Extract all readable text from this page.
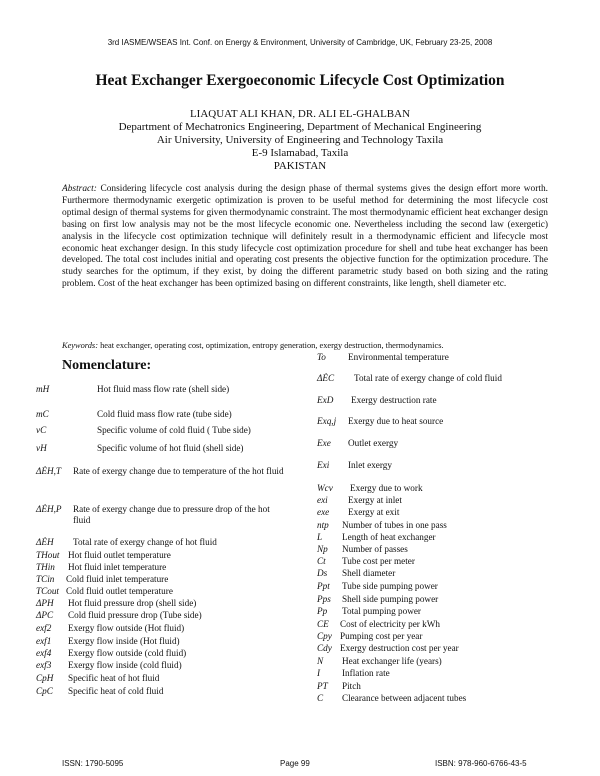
3rd IASME/WSEAS Int. Conf. on Energy & Environment, University of Cambridge, UK, February 23-25, 2008
Heat Exchanger Exergoeconomic Lifecycle Cost Optimization
LIAQUAT ALI KHAN, DR. ALI EL-GHALBAN
Department of Mechatronics Engineering, Department of Mechanical Engineering
Air University, University of Engineering and Technology Taxila
E-9 Islamabad, Taxila
PAKISTAN
Abstract: Considering lifecycle cost analysis during the design phase of thermal systems gives the design effort more worth. Furthermore thermodynamic exergetic optimization is proven to be useful method for determining the most lifecycle cost optimal design of thermal systems for given thermodynamic constraint. The most thermodynamic efficient heat exchanger design basing on first low analysis may not be the most lifecycle economic one. Nevertheless including the second law (exergetic) analysis in the lifecycle cost optimization technique will definitely result in a thermodynamic efficient and lifecycle most economic heat exchanger design. In this study lifecycle cost optimization procedure for shell and tube heat exchanger has been developed. The total cost includes initial and operating cost presents the objective function for the optimization procedure. The study searches for the optimum, if they exist, by doing the different parametric study based on both sizing and the rating problem. Cost of the heat exchanger has been optimized basing on different constraints, like length, shell diameter etc.
Keywords: heat exchanger, operating cost, optimization, entropy generation, exergy destruction, thermodynamics.
Nomenclature:
mH	Hot fluid mass flow rate (shell side)
mC	Cold fluid mass flow rate (tube side)
vC	Specific volume of cold fluid ( Tube side)
vH	Specific volume of hot fluid (shell side)
ΔĖH,T	Rate of exergy change due to temperature of the hot fluid
ΔĖH,P	Rate of exergy change due to pressure drop of the hot fluid
ΔĖH	Total rate of exergy change of hot fluid
THout Hot fluid outlet temperature
THin	Hot fluid inlet temperature
TCin	Cold fluid inlet temperature
TCout Cold fluid outlet temperature
ΔPH	Hot fluid pressure drop (shell side)
ΔPC	Cold fluid pressure drop (Tube side)
exf2	Exergy flow outside (Hot fluid)
exf1	Exergy flow inside (Hot fluid)
exf4	Exergy flow outside (cold fluid)
exf3	Exergy flow inside (cold fluid)
CpH	Specific heat of hot fluid
CpC	Specific heat of cold fluid
To	Environmental temperature
ΔĖC	Total rate of exergy change of cold fluid
ExD	Exergy destruction rate
Exq,j	Exergy due to heat source
Exe	Outlet exergy
Exi	Inlet exergy
Wcv	Exergy due to work
exi	Exergy at inlet
exe	Exergy at exit
ntp	Number of tubes in one pass
L	Length of heat exchanger
Np	Number of passes
Ct	Tube cost per meter
Ds	Shell diameter
Ppt	Tube side pumping power
Pps	Shell side pumping power
Pp	Total pumping power
CE	Cost of electricity per kWh
Cpy Pumping cost per year
Cdy Exergy destruction cost per year
N	Heat exchanger life (years)
I	Inflation rate
PT	Pitch
C	Clearance between adjacent tubes
ISSN: 1790-5095	Page 99	ISBN: 978-960-6766-43-5
